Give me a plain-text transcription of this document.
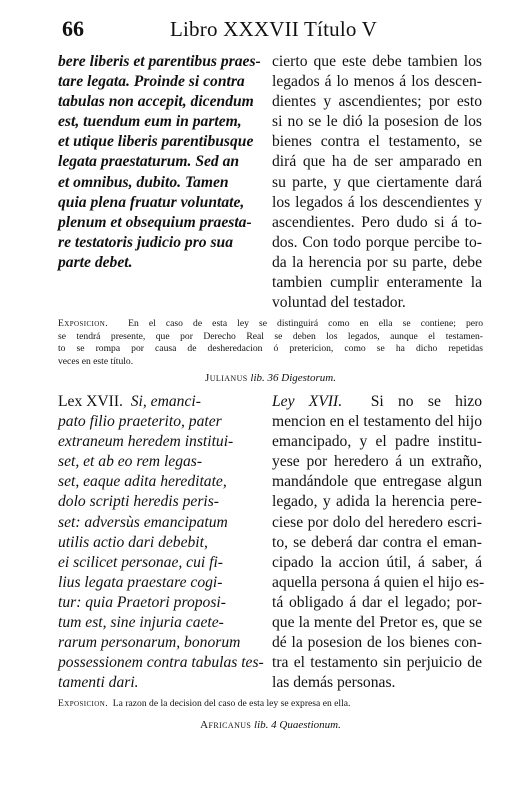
66	Libro XXXVII Título V
bere liberis et parentibus praes-
tare legata. Proinde si contra
tabulas non accepit, dicendum
est, tuendum eum in partem,
et utique liberis parentibusque
legata praestaturum. Sed an
et omnibus, dubito. Tamen
quia plena fruatur voluntate,
plenum et obsequium praesta-
re testatoris judicio pro sua
parte debet.
cierto que este debe tambien los
legados á lo menos á los descen-
dientes y ascendientes; por esto
si no se le dió la posesion de los
bienes contra el testamento, se
dirá que ha de ser amparado en
su parte, y que ciertamente dará
los legados á los descendientes y
ascendientes. Pero dudo si á to-
dos. Con todo porque percibe to-
da la herencia por su parte, debe
tambien cumplir enteramente la
voluntad del testador.
Exposicion. En el caso de esta ley se distinguirá como en ella se contiene; pero
se tendrá presente, que por Derecho Real se deben los legados, aunque el testamen-
to se rompa por causa de desheredacion ó pretericion, como se ha dicho repetidas
veces en este título.
Julianus lib. 36 Digestorum.
Lex XVII. Si, emanci-
pato filio praeterito, pater
extraneum heredem institui-
set, et ab eo rem legas-
set, eaque adita hereditate,
dolo scripti heredis peris-
set: adversùs emancipatum
utilis actio dari debebit,
ei scilicet personae, cui fi-
lius legata praestare cogi-
tur: quia Praetori proposi-
tum est, sine injuria caete-
rarum personarum, bonorum
possessionem contra tabulas tes-
tamenti dari.
Ley XVII. Si no se hizo
mencion en el testamento del hijo
emancipado, y el padre institu-
yese por heredero á un extraño,
mandándole que entregase algun
legado, y adida la herencia pere-
ciese por dolo del heredero escri-
to, se deberá dar contra el eman-
cipado la accion útil, á saber, á
aquella persona á quien el hijo es-
tá obligado á dar el legado; por-
que la mente del Pretor es, que se
dé la posesion de los bienes con-
tra el testamento sin perjuicio de
las demás personas.
Exposicion. La razon de la decision del caso de esta ley se expresa en ella.
Africanus lib. 4 Quaestionum.
